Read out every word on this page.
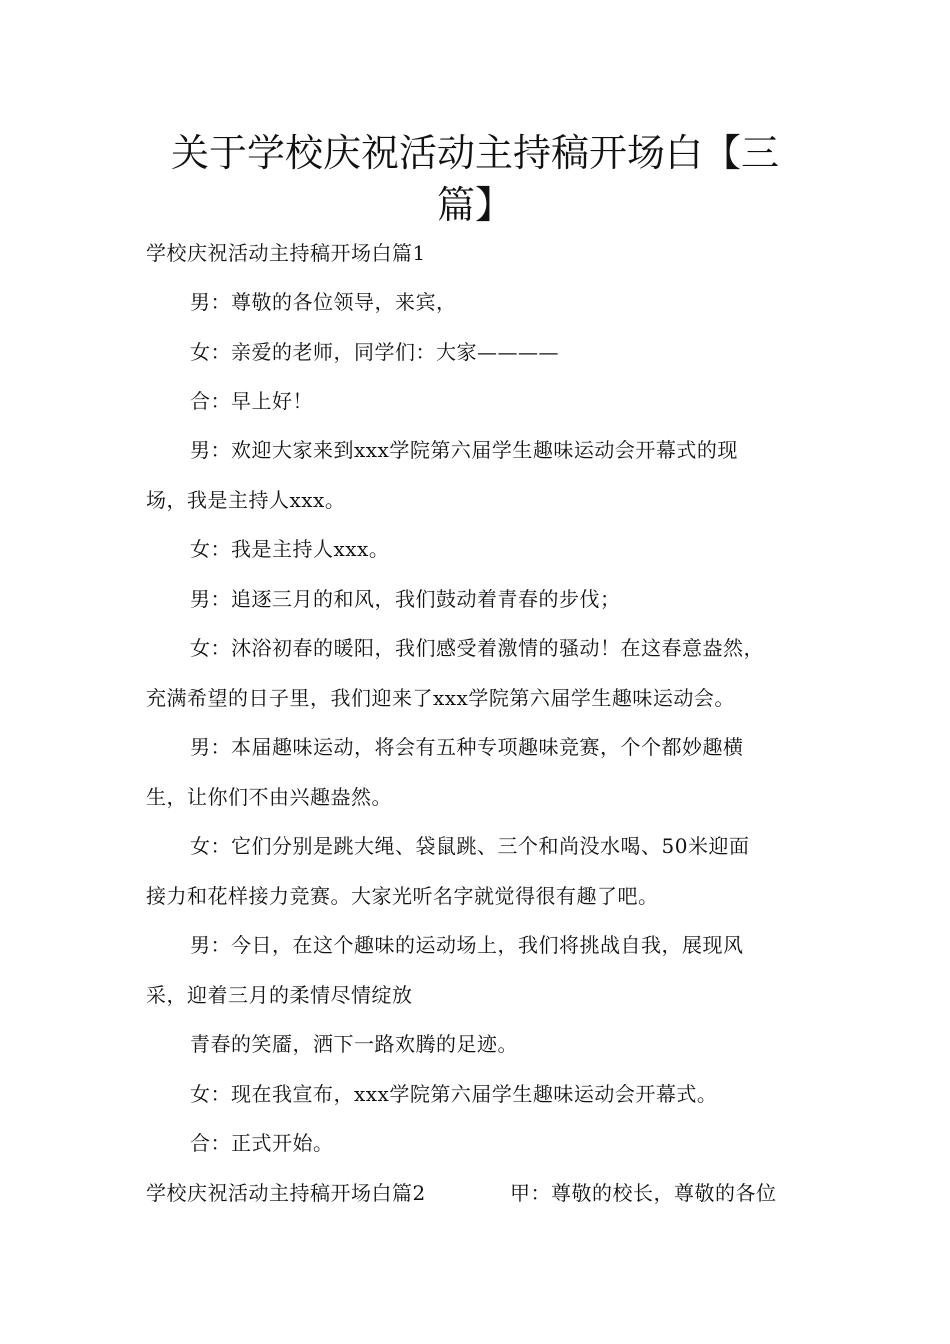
关于学校庆祝活动主持稿开场白【三
篇】

学校庆祝活动主持稿开场白篇1

男：尊敬的各位领导，来宾，

女：亲爱的老师，同学们：大家————

合：早上好！

男：欢迎大家来到xxx学院第六届学生趣味运动会开幕式的现

场，我是主持人xxx。

女：我是主持人xxx。

男：追逐三月的和风，我们鼓动着青春的步伐；

女：沐浴初春的暖阳，我们感受着激情的骚动！在这春意盎然，

充满希望的日子里，我们迎来了xxx学院第六届学生趣味运动会。

男：本届趣味运动，将会有五种专项趣味竞赛，个个都妙趣横

生，让你们不由兴趣盎然。

女：它们分别是跳大绳、袋鼠跳、三个和尚没水喝、50米迎面

接力和花样接力竞赛。大家光听名字就觉得很有趣了吧。

男：今日，在这个趣味的运动场上，我们将挑战自我，展现风

采，迎着三月的柔情尽情绽放

青春的笑靥，洒下一路欢腾的足迹。

女：现在我宣布，xxx学院第六届学生趣味运动会开幕式。

合：正式开始。

学校庆祝活动主持稿开场白篇2	甲：尊敬的校长，尊敬的各位
